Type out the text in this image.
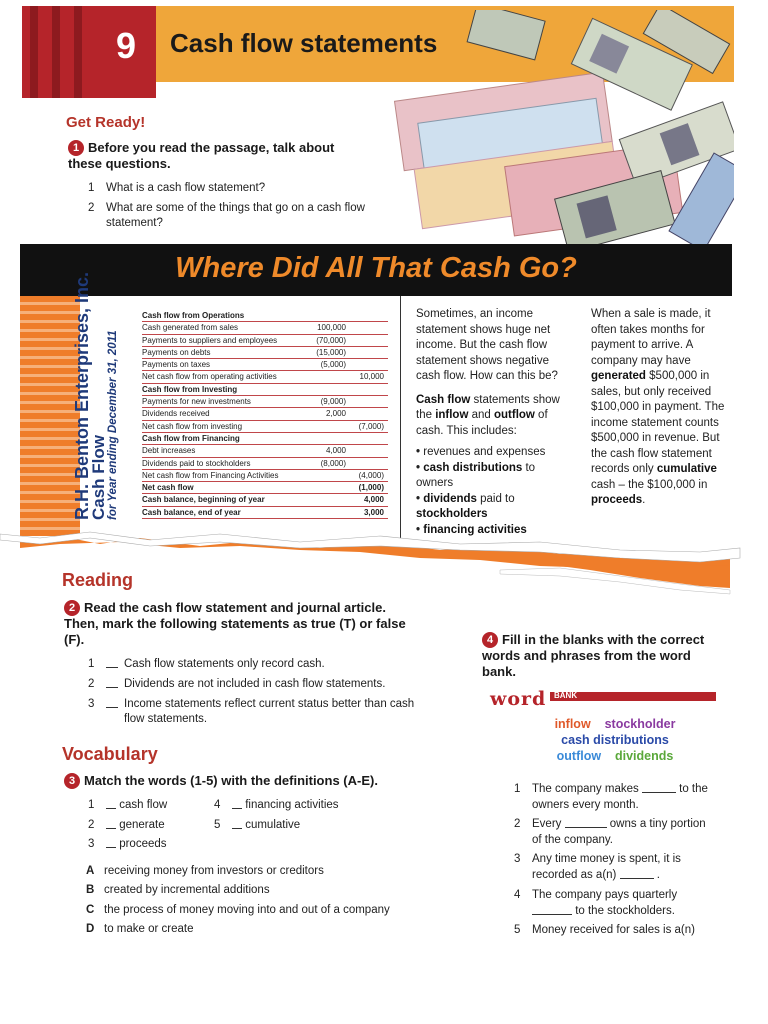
9	Cash flow statements
Get Ready!
1 Before you read the passage, talk about these questions.
1 What is a cash flow statement?
2	What are some of the things that go on a cash flow statement?
Where Did All That Cash Go?
R.H. Benton Enterprises, Inc.
Cash Flow for Year ending December 31, 2011
Cash flow from Operations
Cash generated from sales	100,000
Payments to suppliers and employees	(70,000)
Payments on debts	(15,000)
Payments on taxes	(5,000)
Net cash flow from operating activities	10,000
Cash flow from Investing
Payments for new investments	(9,000)
Dividends received	2,000
Net cash flow from investing	(7,000)
Cash flow from Financing
Debt increases	4,000
Dividends paid to stockholders	(8,000)
Net cash flow from Financing Activities	(4,000)
Net cash flow	(1,000)
Cash balance, beginning of year	4,000
Cash balance, end of year	3,000
Sometimes, an income statement shows huge net income. But the cash flow statement shows negative cash flow. How can this be?
Cash flow statements show the inflow and outflow of cash. This includes:
• revenues and expenses
• cash distributions to owners
• dividends paid to stockholders
• financing activities
When a sale is made, it often takes months for payment to arrive. A company may have generated $500,000 in sales, but only received $100,000 in payment. The income statement counts $500,000 in revenue. But the cash flow statement records only cumulative cash – the $100,000 in proceeds.
Reading
2 Read the cash flow statement and journal article. Then, mark the following statements as true (T) or false (F).
1	Cash flow statements only record cash.
2	Dividends are not included in cash flow statements.
3	Income statements reflect current status better than cash flow statements.
Vocabulary
3 Match the words (1-5) with the definitions (A-E).
1 cash flow
2 generate
3 proceeds
4 financing activities
5 cumulative
A receiving money from investors or creditors
B created by incremental additions
C the process of money moving into and out of a company
D to make or create
4 Fill in the blanks with the correct words and phrases from the word bank.
word BANK
inflow stockholder
cash distributions
outflow dividends
1	The company makes	to the owners every month.
2	Every	owns a tiny portion of the company.
3	Any time money is spent, it is recorded as a(n)	.
4	The company pays quarterly  to the stockholders.
5	Money received for sales is a(n)
